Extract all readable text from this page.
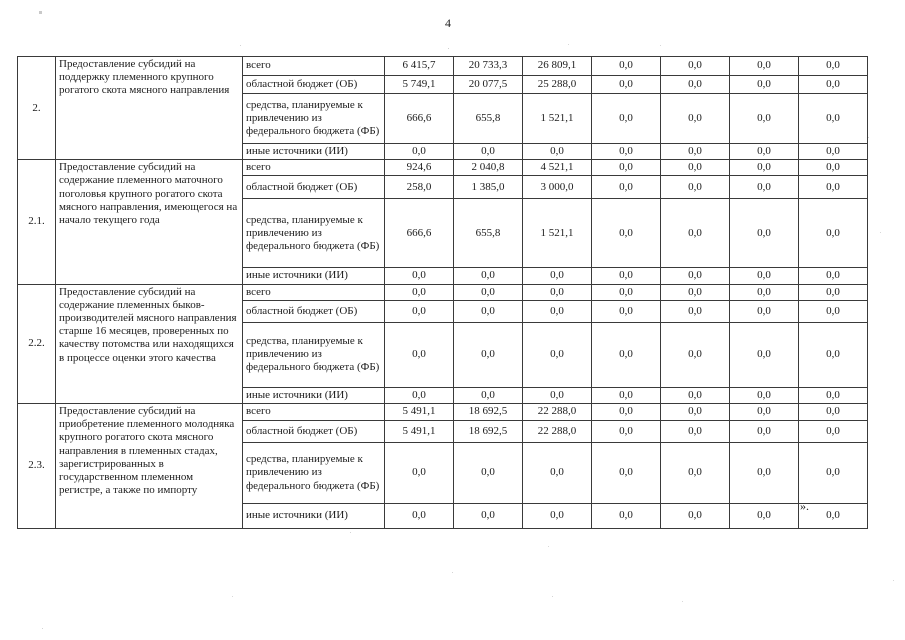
4
2.	Предоставление субсидий на поддержку племенного крупного рогатого скота мясного направления	всего	6 415,7	20 733,3	26 809,1	0,0	0,0	0,0	0,0
		областной бюджет (ОБ)	5 749,1	20 077,5	25 288,0	0,0	0,0	0,0	0,0
		средства, планируемые к привлечению из федерального бюджета (ФБ)	666,6	655,8	1 521,1	0,0	0,0	0,0	0,0
		иные источники (ИИ)	0,0	0,0	0,0	0,0	0,0	0,0	0,0
2.1.	Предоставление субсидий на содержание племенного маточного поголовья крупного рогатого скота мясного направления, имеющегося на начало текущего года	всего	924,6	2 040,8	4 521,1	0,0	0,0	0,0	0,0
		областной бюджет (ОБ)	258,0	1 385,0	3 000,0	0,0	0,0	0,0	0,0
		средства, планируемые к привлечению из федерального бюджета (ФБ)	666,6	655,8	1 521,1	0,0	0,0	0,0	0,0
		иные источники (ИИ)	0,0	0,0	0,0	0,0	0,0	0,0	0,0
2.2.	Предоставление субсидий на содержание племенных быков-производителей мясного направления старше 16 месяцев, проверенных по качеству потомства или находящихся в процессе оценки этого качества	всего	0,0	0,0	0,0	0,0	0,0	0,0	0,0
		областной бюджет (ОБ)	0,0	0,0	0,0	0,0	0,0	0,0	0,0
		средства, планируемые к привлечению из федерального бюджета (ФБ)	0,0	0,0	0,0	0,0	0,0	0,0	0,0
		иные источники (ИИ)	0,0	0,0	0,0	0,0	0,0	0,0	0,0
2.3.	Предоставление субсидий на приобретение племенного молодняка крупного рогатого скота мясного направления в племенных стадах, зарегистрированных в государственном племенном регистре, а также по импорту	всего	5 491,1	18 692,5	22 288,0	0,0	0,0	0,0	0,0
		областной бюджет (ОБ)	5 491,1	18 692,5	22 288,0	0,0	0,0	0,0	0,0
		средства, планируемые к привлечению из федерального бюджета (ФБ)	0,0	0,0	0,0	0,0	0,0	0,0	0,0
		иные источники (ИИ)	0,0	0,0	0,0	0,0	0,0	0,0	0,0
».
